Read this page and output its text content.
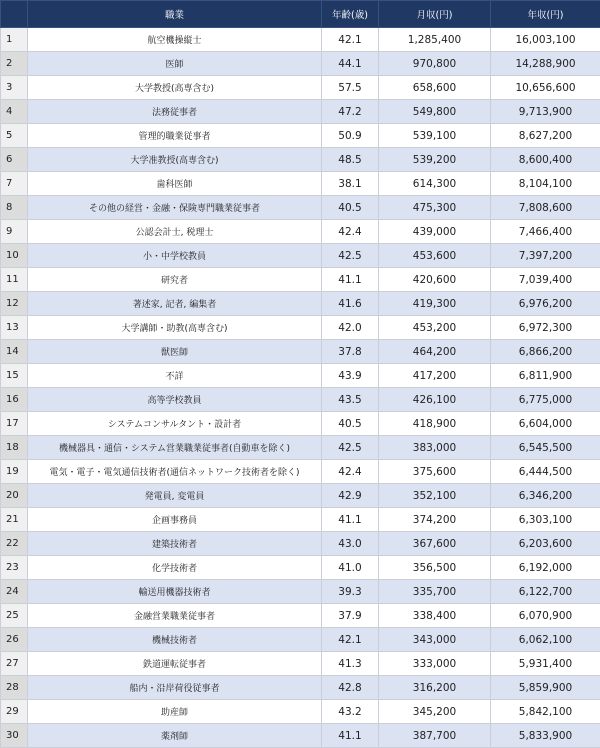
	職業	年齢(歳)	月収(円)	年収(円)
1	航空機操縦士	42.1	1,285,400	16,003,100
2	医師	44.1	970,800	14,288,900
3	大学教授(高専含む)	57.5	658,600	10,656,600
4	法務従事者	47.2	549,800	9,713,900
5	管理的職業従事者	50.9	539,100	8,627,200
6	大学准教授(高専含む)	48.5	539,200	8,600,400
7	歯科医師	38.1	614,300	8,104,100
8	その他の経営・金融・保険専門職業従事者	40.5	475,300	7,808,600
9	公認会計士, 税理士	42.4	439,000	7,466,400
10	小・中学校教員	42.5	453,600	7,397,200
11	研究者	41.1	420,600	7,039,400
12	著述家, 記者, 編集者	41.6	419,300	6,976,200
13	大学講師・助教(高専含む)	42.0	453,200	6,972,300
14	獣医師	37.8	464,200	6,866,200
15	不詳	43.9	417,200	6,811,900
16	高等学校教員	43.5	426,100	6,775,000
17	システムコンサルタント・設計者	40.5	418,900	6,604,000
18	機械器具・通信・システム営業職業従事者(自動車を除く)	42.5	383,000	6,545,500
19	電気・電子・電気通信技術者(通信ネットワーク技術者を除く)	42.4	375,600	6,444,500
20	発電員, 変電員	42.9	352,100	6,346,200
21	企画事務員	41.1	374,200	6,303,100
22	建築技術者	43.0	367,600	6,203,600
23	化学技術者	41.0	356,500	6,192,000
24	輸送用機器技術者	39.3	335,700	6,122,700
25	金融営業職業従事者	37.9	338,400	6,070,900
26	機械技術者	42.1	343,000	6,062,100
27	鉄道運転従事者	41.3	333,000	5,931,400
28	船内・沿岸荷役従事者	42.8	316,200	5,859,900
29	助産師	43.2	345,200	5,842,100
30	薬剤師	41.1	387,700	5,833,900
